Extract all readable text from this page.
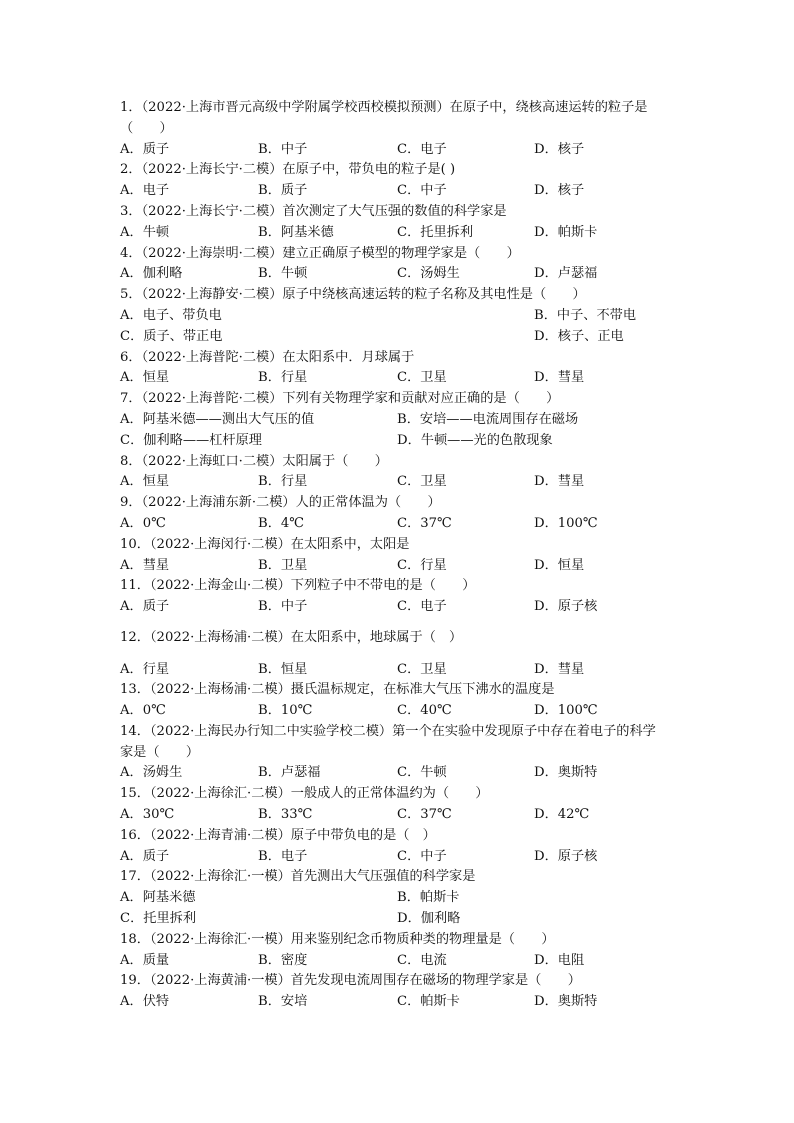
1．（2022·上海市晋元高级中学附属学校西校模拟预测）在原子中，绕核高速运转的粒子是
（　　）
A．质子	B．中子	C．电子	D．核子
2．（2022·上海长宁·二模）在原子中，带负电的粒子是( )
A．电子	B．质子	C．中子	D．核子
3．（2022·上海长宁·二模）首次测定了大气压强的数值的科学家是
A．牛顿	B．阿基米德	C．托里拆利	D．帕斯卡
4．（2022·上海崇明·二模）建立正确原子模型的物理学家是（　　）
A．伽利略	B．牛顿	C．汤姆生	D．卢瑟福
5．（2022·上海静安·二模）原子中绕核高速运转的粒子名称及其电性是（　　）
A．电子、带负电	B．中子、不带电
C．质子、带正电	D．核子、正电
6．（2022·上海普陀·二模）在太阳系中．月球属于
A．恒星	B．行星	C．卫星	D．彗星
7．（2022·上海普陀·二模）下列有关物理学家和贡献对应正确的是（　　）
A．阿基米德——测出大气压的值	B．安培——电流周围存在磁场
C．伽利略——杠杆原理	D．牛顿——光的色散现象
8．（2022·上海虹口·二模）太阳属于（　　）
A．恒星	B．行星	C．卫星	D．彗星
9．（2022·上海浦东新·二模）人的正常体温为（　　）
A．0℃	B．4℃	C．37℃	D．100℃
10．（2022·上海闵行·二模）在太阳系中，太阳是
A．彗星	B．卫星	C．行星	D．恒星
11．（2022·上海金山·二模）下列粒子中不带电的是（　　）
A．质子	B．中子	C．电子	D．原子核
12．（2022·上海杨浦·二模）在太阳系中，地球属于（　）
A．行星	B．恒星	C．卫星	D．彗星
13．（2022·上海杨浦·二模）摄氏温标规定，在标准大气压下沸水的温度是
A．0℃	B．10℃	C．40℃	D．100℃
14．（2022·上海民办行知二中实验学校二模）第一个在实验中发现原子中存在着电子的科学
家是（　　）
A．汤姆生	B．卢瑟福	C．牛顿	D．奥斯特
15．（2022·上海徐汇·二模）一般成人的正常体温约为（　　）
A．30℃	B．33℃	C．37℃	D．42℃
16．（2022·上海青浦·二模）原子中带负电的是（　）
A．质子	B．电子	C．中子	D．原子核
17．（2022·上海徐汇·一模）首先测出大气压强值的科学家是
A．阿基米德	B．帕斯卡
C．托里拆利	D．伽利略
18．（2022·上海徐汇·一模）用来鉴别纪念币物质种类的物理量是（　　）
A．质量	B．密度	C．电流	D．电阻
19．（2022·上海黄浦·一模）首先发现电流周围存在磁场的物理学家是（　　）
A．伏特	B．安培	C．帕斯卡	D．奥斯特
